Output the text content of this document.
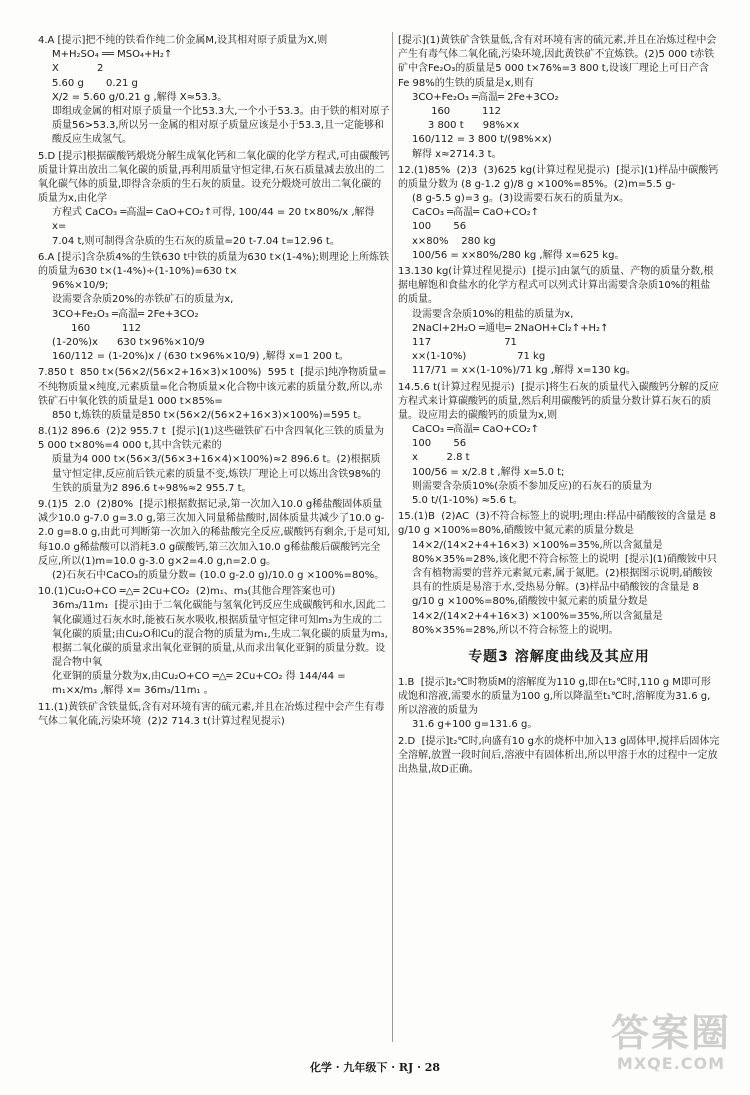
4.A [提示]把不纯的铁看作纯二价金属M,设其相对原子质量为X,则
M+H₂SO₄ ══ MSO₄+H₂↑
X            2
5.60 g       0.21 g
X/2 = 5.60 g/0.21 g ,解得 X≈53.3。
即组成金属的相对原子质量一个比53.3大,一个小于53.3。由于铁的相对原子质量56>53.3,所以另一金属的相对原子质量应该是小于53.3,且一定能够和酸反应生成氢气。
5.D [提示]根据碳酸钙煅烧分解生成氧化钙和二氧化碳的化学方程式,可由碳酸钙质量计算出放出二氧化碳的质量,再利用质量守恒定律,石灰石质量减去放出的二氧化碳气体的质量,即得含杂质的生石灰的质量。设充分煅烧可放出二氧化碳的质量为x,由化学
方程式 CaCO₃ ═高温═ CaO+CO₂↑可得, 100/44 = 20 t×80%/x ,解得 x=
7.04 t,则可制得含杂质的生石灰的质量=20 t-7.04 t=12.96 t。
6.A [提示]含杂质4%的生铁630 t中铁的质量为630 t×(1-4%);则理论上所炼铁的质量为630 t×(1-4%)÷(1-10%)=630 t×
96%×10/9;
设需要含杂质20%的赤铁矿石的质量为x,
3CO+Fe₂O₃ ═高温═ 2Fe+3CO₂
160          112
(1-20%)x      630 t×96%×10/9
160/112 = (1-20%)x / (630 t×96%×10/9) ,解得 x=1 200 t。
7.850 t  850 t×(56×2/(56×2+16×3)×100%)  595 t  [提示]纯净物质量=不纯物质量×纯度,元素质量=化合物质量×化合物中该元素的质量分数,所以,赤铁矿石中氧化铁的质量是1 000 t×85%=
850 t,炼铁的质量是850 t×(56×2/(56×2+16×3)×100%)=595 t。
8.(1)2 896.6  (2)2 955.7 t  [提示](1)这些磁铁矿石中含四氧化三铁的质量为5 000 t×80%=4 000 t,其中含铁元素的
质量为4 000 t×(56×3/(56×3+16×4)×100%)≈2 896.6 t。(2)根据质量守恒定律,反应前后铁元素的质量不变,炼铁厂理论上可以炼出含铁98%的生铁的质量为2 896.6 t÷98%≈2 955.7 t。
9.(1)5  2.0  (2)80%  [提示]根据数据记录,第一次加入10.0 g稀盐酸固体质量减少10.0 g-7.0 g=3.0 g,第三次加入同量稀盐酸时,固体质量共减少了10.0 g-2.0 g=8.0 g,由此可判断第一次加入的稀盐酸完全反应,碳酸钙有剩余,于是可知,每10.0 g稀盐酸可以消耗3.0 g碳酸钙,第三次加入10.0 g稀盐酸后碳酸钙完全反应,所以(1)m=10.0 g-3.0 g×2=4.0 g,n=2.0 g。
(2)石灰石中CaCO₃的质量分数= (10.0 g-2.0 g)/10.0 g ×100%=80%。
10.(1)Cu₂O+CO ═△═ 2Cu+CO₂  (2)m₁、m₃(其他合理答案也可)
36m₃/11m₁  [提示]由于二氧化碳能与氢氧化钙反应生成碳酸钙和水,因此二氧化碳通过石灰水时,能被石灰水吸收,根据质量守恒定律可知m₃为生成的二氧化碳的质量;由Cu₂O和Cu的混合物的质量为m₁,生成二氧化碳的质量为m₃,根据二氧化碳的质量求出氧化亚铜的质量,从而求出氧化亚铜的质量分数。设混合物中氧
化亚铜的质量分数为x,由Cu₂O+CO ═△═ 2Cu+CO₂ 得 144/44 =
m₁×x/m₃ ,解得 x= 36m₃/11m₁ 。
11.(1)黄铁矿含铁量低,含有对环境有害的硫元素,并且在冶炼过程中会产生有毒气体二氧化硫,污染环境  (2)2 714.3 t(计算过程见提示)
[提示](1)黄铁矿含铁量低,含有对环境有害的硫元素,并且在冶炼过程中会产生有毒气体二氧化硫,污染环境,因此黄铁矿不宜炼铁。(2)5 000 t赤铁矿中含Fe₂O₃的质量是5 000 t×76%=3 800 t,设该厂理论上可日产含Fe 98%的生铁的质量是x,则有
3CO+Fe₂O₃ ═高温═ 2Fe+3CO₂
160          112
3 800 t      98%×x
160/112 = 3 800 t/(98%×x)
解得 x≈2714.3 t。
12.(1)85%  (2)3  (3)625 kg(计算过程见提示)  [提示](1)样品中碳酸钙的质量分数为 (8 g-1.2 g)/8 g ×100%=85%。(2)m=5.5 g-
(8 g-5.5 g)=3 g。(3)设需要石灰石的质量为x。
CaCO₃ ═高温═ CaO+CO₂↑
100       56
x×80%    280 kg
100/56 = x×80%/280 kg ,解得 x=625 kg。
13.130 kg(计算过程见提示)  [提示]由氯气的质量、产物的质量分数,根据电解饱和食盐水的化学方程式可以列式计算出需要含杂质10%的粗盐的质量。
设需要含杂质10%的粗盐的质量为x,
2NaCl+2H₂O ═通电═ 2NaOH+Cl₂↑+H₂↑
117                       71
x×(1-10%)                71 kg
117/71 = x×(1-10%)/71 kg ,解得 x=130 kg。
14.5.6 t(计算过程见提示)  [提示]将生石灰的质量代入碳酸钙分解的反应方程式来计算碳酸钙的质量,然后利用碳酸钙的质量分数计算石灰石的质量。设应用去的碳酸钙的质量为x,则
CaCO₃ ═高温═ CaO+CO₂↑
100       56
x         2.8 t
100/56 = x/2.8 t ,解得 x=5.0 t;
则需要含杂质10%(杂质不参加反应)的石灰石的质量为
5.0 t/(1-10%) ≈5.6 t。
15.(1)B  (2)AC  (3)不符合标签上的说明;理由:样品中硝酸铵的含量是 8 g/10 g ×100%=80%,硝酸铵中氮元素的质量分数是
14×2/(14×2+4+16×3) ×100%=35%,所以含氮量是80%×35%=28%,该化肥不符合标签上的说明  [提示](1)硝酸铵中只含有植物需要的营养元素氮元素,属于氮肥。(2)根据图示说明,硝酸铵具有的性质是易溶于水,受热易分解。(3)样品中硝酸铵的含量是 8 g/10 g ×100%=80%,硝酸铵中氮元素的质量分数是
14×2/(14×2+4+16×3) ×100%=35%,所以含氮量是80%×35%=28%,所以不符合标签上的说明。
专题3 溶解度曲线及其应用
1.B  [提示]t₂℃时物质M的溶解度为110 g,即在t₂℃时,110 g M即可形成饱和溶液,需要水的质量为100 g,所以降温至t₁℃时,溶解度为31.6 g,所以溶液的质量为
31.6 g+100 g=131.6 g。
2.D  [提示]t₂℃时,向盛有10 g水的烧杯中加入13 g固体甲,搅拌后固体完全溶解,放置一段时间后,溶液中有固体析出,所以甲溶于水的过程中一定放出热量,故D正确。
化学 · 九年级下 · RJ · 28
答案圈
MXQE.COM
